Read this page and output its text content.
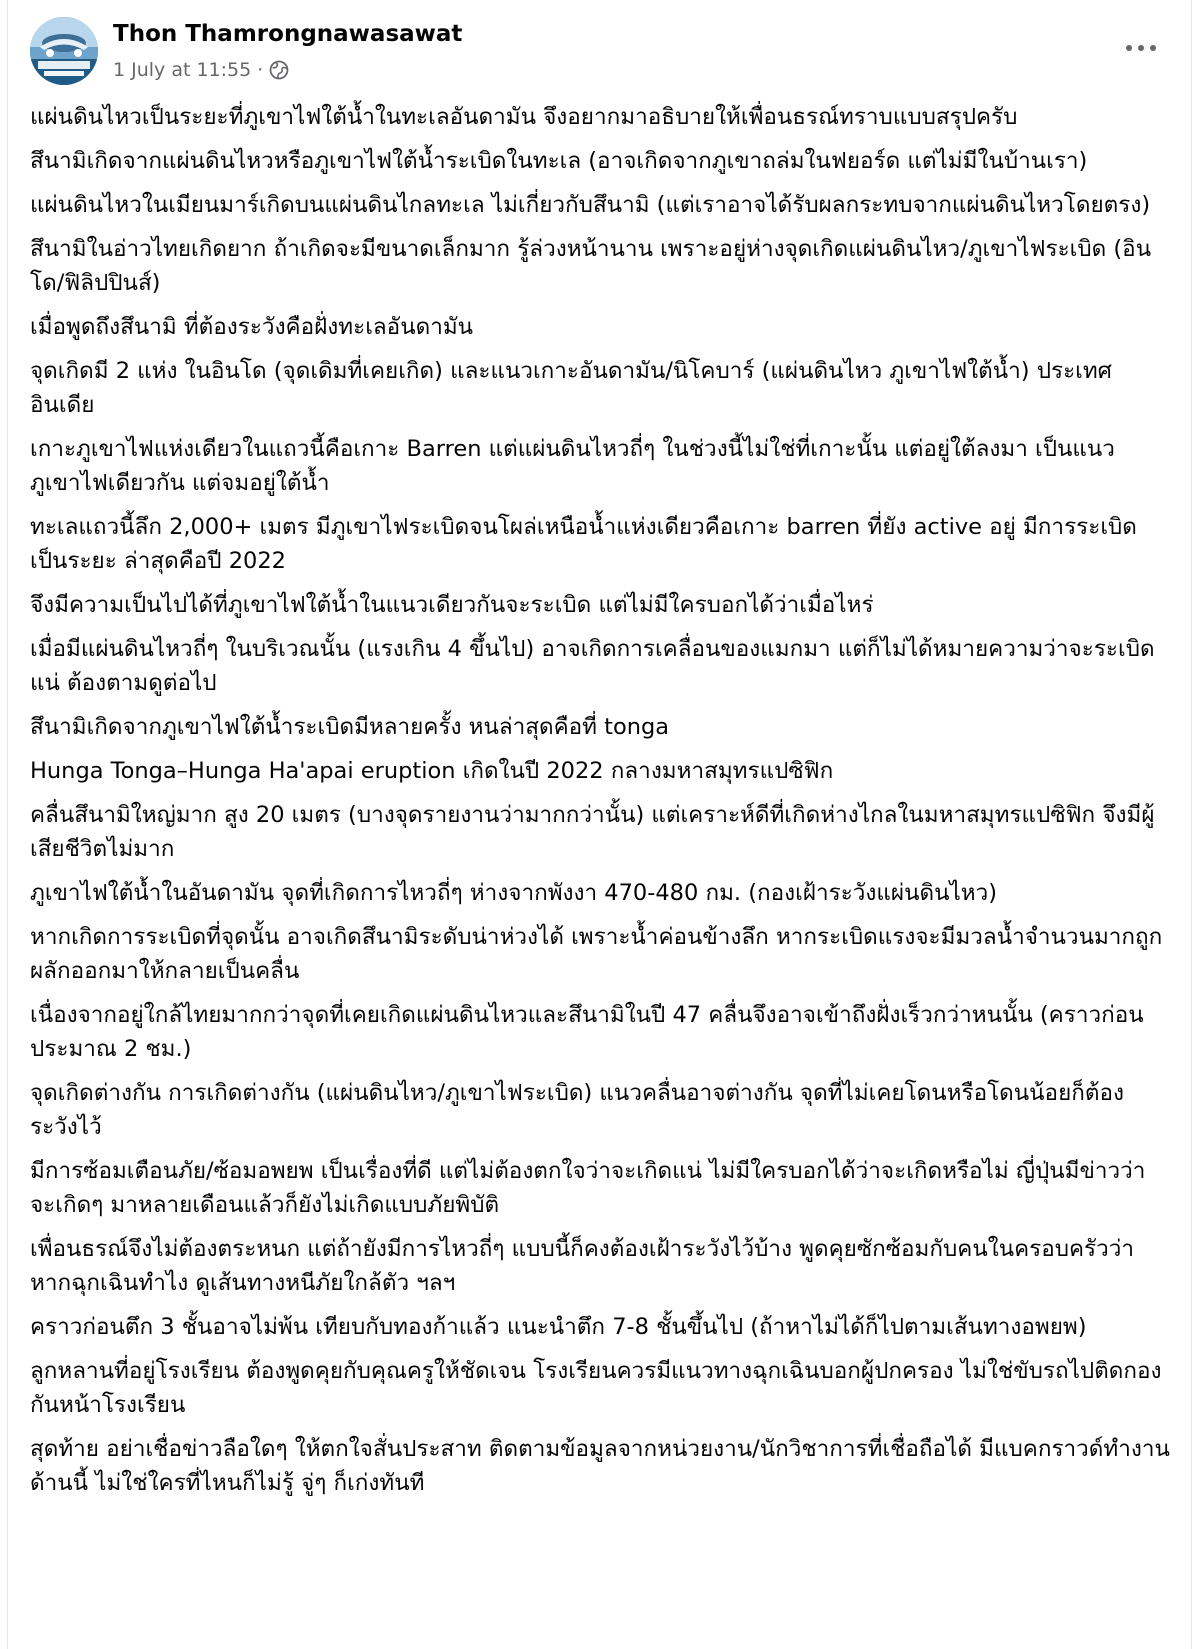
Thon Thamrongnawasawat
1 July at 11:55 ·

แผ่นดินไหวเป็นระยะที่ภูเขาไฟใต้น้ำในทะเลอันดามัน จึงอยากมาอธิบายให้เพื่อนธรณ์ทราบแบบสรุปครับ

สึนามิเกิดจากแผ่นดินไหวหรือภูเขาไฟใต้น้ำระเบิดในทะเล (อาจเกิดจากภูเขาถล่มในฟยอร์ด แต่ไม่มีในบ้านเรา)

แผ่นดินไหวในเมียนมาร์เกิดบนแผ่นดินไกลทะเล ไม่เกี่ยวกับสึนามิ (แต่เราอาจได้รับผลกระทบจากแผ่นดินไหวโดยตรง)

สึนามิในอ่าวไทยเกิดยาก ถ้าเกิดจะมีขนาดเล็กมาก รู้ล่วงหน้านาน เพราะอยู่ห่างจุดเกิดแผ่นดินไหว/ภูเขาไฟระเบิด (อินโด/ฟิลิปปินส์)

เมื่อพูดถึงสึนามิ ที่ต้องระวังคือฝั่งทะเลอันดามัน

จุดเกิดมี 2 แห่ง ในอินโด (จุดเดิมที่เคยเกิด) และแนวเกาะอันดามัน/นิโคบาร์ (แผ่นดินไหว ภูเขาไฟใต้น้ำ) ประเทศอินเดีย

เกาะภูเขาไฟแห่งเดียวในแถวนี้คือเกาะ Barren แต่แผ่นดินไหวถี่ๆ ในช่วงนี้ไม่ใช่ที่เกาะนั้น แต่อยู่ใต้ลงมา เป็นแนวภูเขาไฟเดียวกัน แต่จมอยู่ใต้น้ำ

ทะเลแถวนี้ลึก 2,000+ เมตร มีภูเขาไฟระเบิดจนโผล่เหนือน้ำแห่งเดียวคือเกาะ barren ที่ยัง active อยู่ มีการระเบิดเป็นระยะ ล่าสุดคือปี 2022

จึงมีความเป็นไปได้ที่ภูเขาไฟใต้น้ำในแนวเดียวกันจะระเบิด แต่ไม่มีใครบอกได้ว่าเมื่อไหร่

เมื่อมีแผ่นดินไหวถี่ๆ ในบริเวณนั้น (แรงเกิน 4 ขึ้นไป) อาจเกิดการเคลื่อนของแมกมา แต่ก็ไม่ได้หมายความว่าจะระเบิดแน่ ต้องตามดูต่อไป

สึนามิเกิดจากภูเขาไฟใต้น้ำระเบิดมีหลายครั้ง หนล่าสุดคือที่ tonga

Hunga Tonga–Hunga Ha'apai eruption เกิดในปี 2022 กลางมหาสมุทรแปซิฟิก

คลื่นสึนามิใหญ่มาก สูง 20 เมตร (บางจุดรายงานว่ามากกว่านั้น) แต่เคราะห์ดีที่เกิดห่างไกลในมหาสมุทรแปซิฟิก จึงมีผู้เสียชีวิตไม่มาก

ภูเขาไฟใต้น้ำในอันดามัน จุดที่เกิดการไหวถี่ๆ ห่างจากพังงา 470-480 กม. (กองเฝ้าระวังแผ่นดินไหว)

หากเกิดการระเบิดที่จุดนั้น อาจเกิดสึนามิระดับน่าห่วงได้ เพราะน้ำค่อนข้างลึก หากระเบิดแรงจะมีมวลน้ำจำนวนมากถูกผลักออกมาให้กลายเป็นคลื่น

เนื่องจากอยู่ใกล้ไทยมากกว่าจุดที่เคยเกิดแผ่นดินไหวและสึนามิในปี 47 คลื่นจึงอาจเข้าถึงฝั่งเร็วกว่าหนนั้น (คราวก่อนประมาณ 2 ชม.)

จุดเกิดต่างกัน การเกิดต่างกัน (แผ่นดินไหว/ภูเขาไฟระเบิด) แนวคลื่นอาจต่างกัน จุดที่ไม่เคยโดนหรือโดนน้อยก็ต้องระวังไว้

มีการซ้อมเตือนภัย/ซ้อมอพยพ เป็นเรื่องที่ดี แต่ไม่ต้องตกใจว่าจะเกิดแน่ ไม่มีใครบอกได้ว่าจะเกิดหรือไม่ ญี่ปุ่นมีข่าวว่าจะเกิดๆ มาหลายเดือนแล้วก็ยังไม่เกิดแบบภัยพิบัติ

เพื่อนธรณ์จึงไม่ต้องตระหนก แต่ถ้ายังมีการไหวถี่ๆ แบบนี้ก็คงต้องเฝ้าระวังไว้บ้าง พูดคุยซักซ้อมกับคนในครอบครัวว่าหากฉุกเฉินทำไง ดูเส้นทางหนีภัยใกล้ตัว ฯลฯ

คราวก่อนตึก 3 ชั้นอาจไม่พ้น เทียบกับทองก้าแล้ว แนะนำตึก 7-8 ชั้นขึ้นไป (ถ้าหาไม่ได้ก็ไปตามเส้นทางอพยพ)

ลูกหลานที่อยู่โรงเรียน ต้องพูดคุยกับคุณครูให้ชัดเจน โรงเรียนควรมีแนวทางฉุกเฉินบอกผู้ปกครอง ไม่ใช่ขับรถไปติดกองกันหน้าโรงเรียน

สุดท้าย อย่าเชื่อข่าวลือใดๆ ให้ตกใจสั่นประสาท ติดตามข้อมูลจากหน่วยงาน/นักวิชาการที่เชื่อถือได้ มีแบคกราวด์ทำงานด้านนี้ ไม่ใช่ใครที่ไหนก็ไม่รู้ จู่ๆ ก็เก่งทันที
